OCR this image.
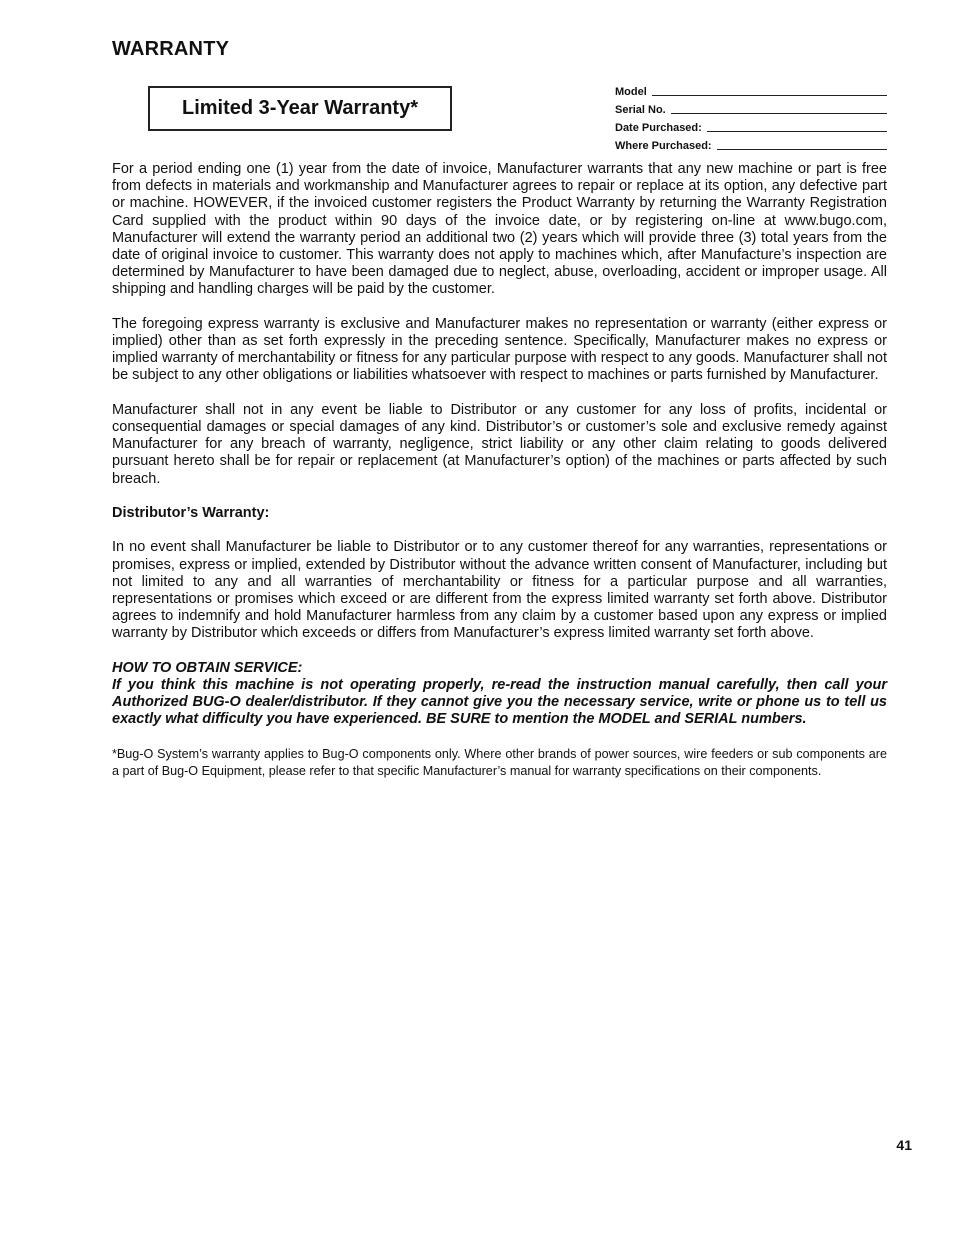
WARRANTY
Limited 3-Year Warranty*
Model
Serial No.
Date Purchased:
Where Purchased:

For a period ending one (1) year from the date of invoice, Manufacturer warrants that any new machine or part is free from defects in materials and workmanship and Manufacturer agrees to repair or replace at its option, any defective part or machine. HOWEVER, if the invoiced customer registers the Product Warranty by returning the Warranty Registration Card supplied with the product within 90 days of the invoice date, or by registering on-line at www.bugo.com, Manufacturer will extend the warranty period an additional two (2) years which will provide three (3) total years from the date of original invoice to customer. This warranty does not apply to machines which, after Manufacture’s inspection are determined by Manufacturer to have been damaged due to neglect, abuse, overloading, accident or improper usage. All shipping and handling charges will be paid by the customer.

The foregoing express warranty is exclusive and Manufacturer makes no representation or warranty (either express or implied) other than as set forth expressly in the preceding sentence. Specifically, Manufacturer makes no express or implied warranty of merchantability or fitness for any particular purpose with respect to any goods. Manufacturer shall not be subject to any other obligations or liabilities whatsoever with respect to machines or parts furnished by Manufacturer.

Manufacturer shall not in any event be liable to Distributor or any customer for any loss of profits, incidental or consequential damages or special damages of any kind. Distributor’s or customer’s sole and exclusive remedy against Manufacturer for any breach of warranty, negligence, strict liability or any other claim relating to goods delivered pursuant hereto shall be for repair or replacement (at Manufacturer’s option) of the machines or parts affected by such breach.

Distributor’s Warranty:

In no event shall Manufacturer be liable to Distributor or to any customer thereof for any warranties, representations or promises, express or implied, extended by Distributor without the advance written consent of Manufacturer, including but not limited to any and all warranties of merchantability or fitness for a particular purpose and all warranties, representations or promises which exceed or are different from the express limited warranty set forth above. Distributor agrees to indemnify and hold Manufacturer harmless from any claim by a customer based upon any express or implied warranty by Distributor which exceeds or differs from Manufacturer’s express limited warranty set forth above.

HOW TO OBTAIN SERVICE:
If you think this machine is not operating properly, re-read the instruction manual carefully, then call your Authorized BUG-O dealer/distributor. If they cannot give you the necessary service, write or phone us to tell us exactly what difficulty you have experienced. BE SURE to mention the MODEL and SERIAL numbers.
*Bug-O System’s warranty applies to Bug-O components only. Where other brands of power sources, wire feeders or sub components are a part of Bug-O Equipment, please refer to that specific Manufacturer’s manual for warranty specifications on their components.
41
